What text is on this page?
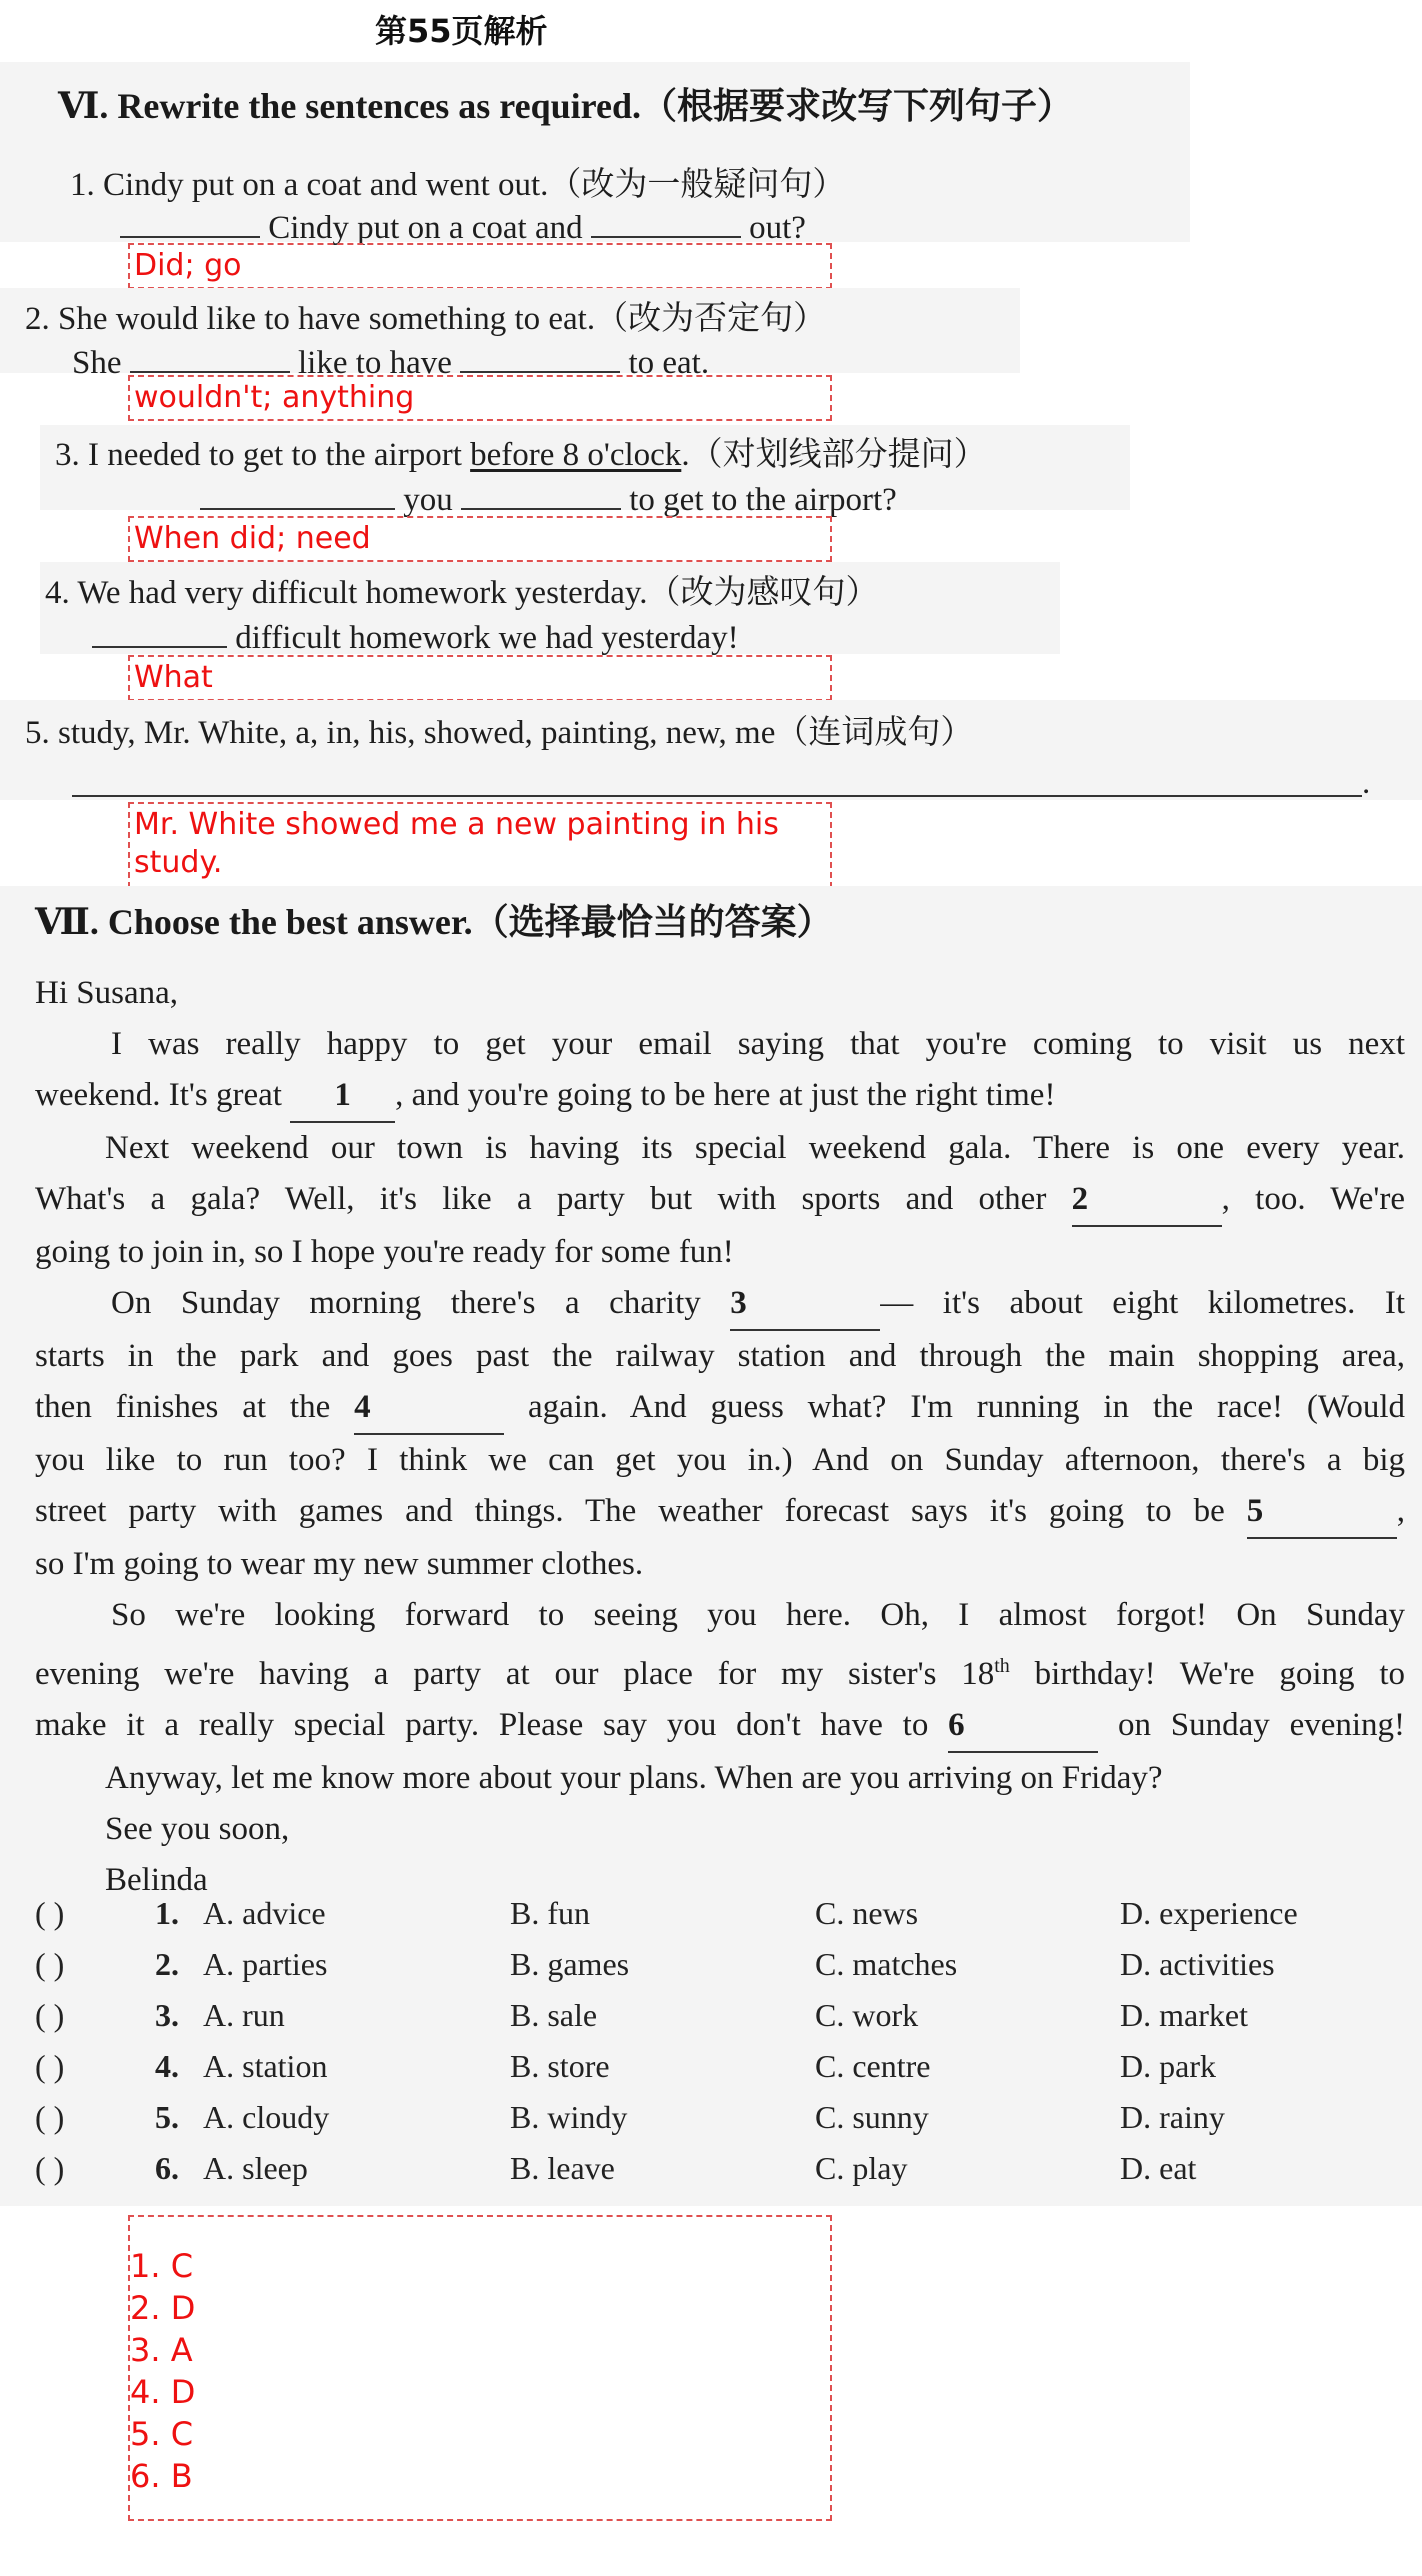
第55页解析
Ⅵ. Rewrite the sentences as required.（根据要求改写下列句子）
1. Cindy put on a coat and went out.（改为一般疑问句）
Cindy put on a coat and	out?
Did; go
2. She would like to have something to eat.（改为否定句）
She	like to have	to eat.
wouldn't; anything
3. I needed to get to the airport before 8 o'clock.（对划线部分提问）
you	to get to the airport?
When did; need
4. We had very difficult homework yesterday.（改为感叹句）
difficult homework we had yesterday!
What
5. study, Mr. White, a, in, his, showed, painting, new, me（连词成句）
.
Mr. White showed me a new painting in his
study.
Ⅶ. Choose the best answer.（选择最恰当的答案）
Hi Susana,
I was really happy to get your email saying that you're coming to visit us next
weekend. It's great 1 , and you're going to be here at just the right time!
Next weekend our town is having its special weekend gala. There is one every year.
What's a gala? Well, it's like a party but with sports and other 2	, too. We're
going to join in, so I hope you're ready for some fun!
On Sunday morning there's a charity 3	— it's about eight kilometres. It
starts in the park and goes past the railway station and through the main shopping area,
then finishes at the 4	again. And guess what? I'm running in the race! (Would
you like to run too? I think we can get you in.) And on Sunday afternoon, there's a big
street party with games and things. The weather forecast says it's going to be 5	,
so I'm going to wear my new summer clothes.
So we're looking forward to seeing you here. Oh, I almost forgot! On Sunday
evening we're having a party at our place for my sister's 18th birthday! We're going to
make it a really special party. Please say you don't have to 6	on Sunday evening!
Anyway, let me know more about your plans. When are you arriving on Friday?
See you soon,
Belinda
( )	1. A. advice	B. fun	C. news	D. experience
( )	2. A. parties	B. games	C. matches	D. activities
( )	3. A. run	B. sale	C. work	D. market
( )	4. A. station	B. store	C. centre	D. park
( )	5. A. cloudy	B. windy	C. sunny	D. rainy
( )	6. A. sleep	B. leave	C. play	D. eat
1. C
2. D
3. A
4. D
5. C
6. B
